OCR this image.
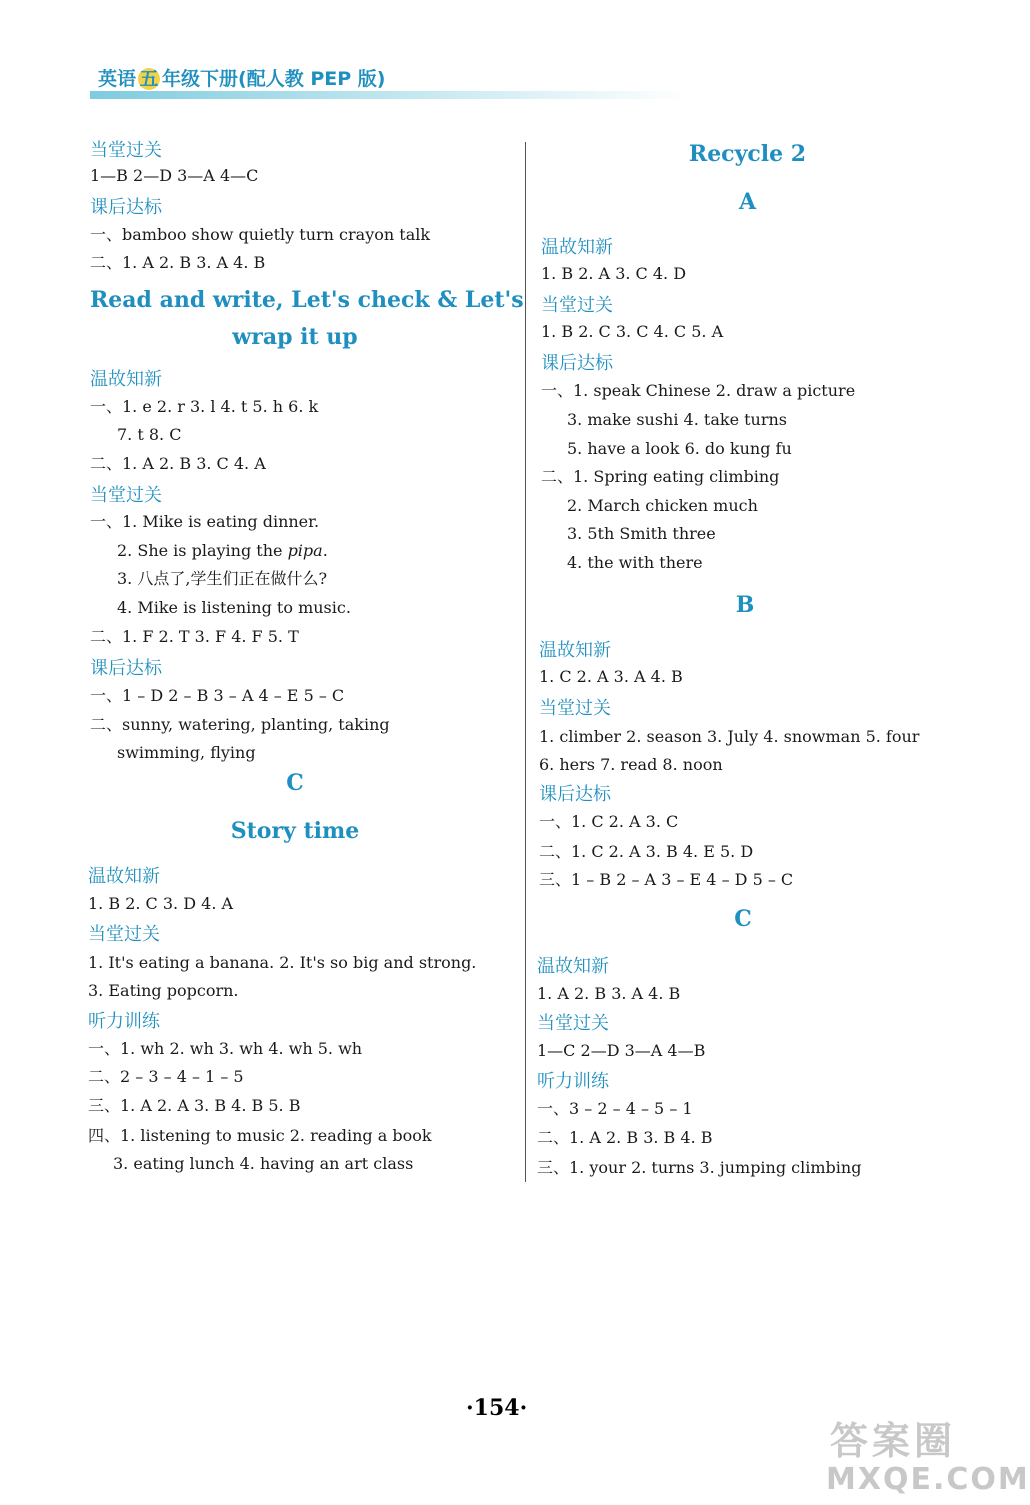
英语 五 年级下册(配人教 PEP 版)
当堂过关
1—B 2—D 3—A 4—C
课后达标
一、bamboo show quietly turn crayon talk
二、1. A 2. B 3. A 4. B
Read and write, Let's check & Let's
wrap it up
温故知新
一、1. e 2. r 3. l 4. t 5. h 6. k
7. t 8. C
二、1. A 2. B 3. C 4. A
当堂过关
一、1. Mike is eating dinner.
2. She is playing the pipa.
3. 八点了,学生们正在做什么?
4. Mike is listening to music.
二、1. F 2. T 3. F 4. F 5. T
课后达标
一、1 – D 2 – B 3 – A 4 – E 5 – C
二、sunny, watering, planting, taking
swimming, flying
C
Story time
温故知新
1. B 2. C 3. D 4. A
当堂过关
1. It's eating a banana. 2. It's so big and strong.
3. Eating popcorn.
听力训练
一、1. wh 2. wh 3. wh 4. wh 5. wh
二、2 – 3 – 4 – 1 – 5
三、1. A 2. A 3. B 4. B 5. B
四、1. listening to music 2. reading a book
3. eating lunch 4. having an art class
Recycle 2
A
温故知新
1. B 2. A 3. C 4. D
当堂过关
1. B 2. C 3. C 4. C 5. A
课后达标
一、1. speak Chinese 2. draw a picture
3. make sushi 4. take turns
5. have a look 6. do kung fu
二、1. Spring eating climbing
2. March chicken much
3. 5th Smith three
4. the with there
B
温故知新
1. C 2. A 3. A 4. B
当堂过关
1. climber 2. season 3. July 4. snowman 5. four
6. hers 7. read 8. noon
课后达标
一、1. C 2. A 3. C
二、1. C 2. A 3. B 4. E 5. D
三、1 – B 2 – A 3 – E 4 – D 5 – C
C
温故知新
1. A 2. B 3. A 4. B
当堂过关
1—C 2—D 3—A 4—B
听力训练
一、3 – 2 – 4 – 5 – 1
二、1. A 2. B 3. B 4. B
三、1. your 2. turns 3. jumping climbing
·154·
答案圈
MXQE.COM
